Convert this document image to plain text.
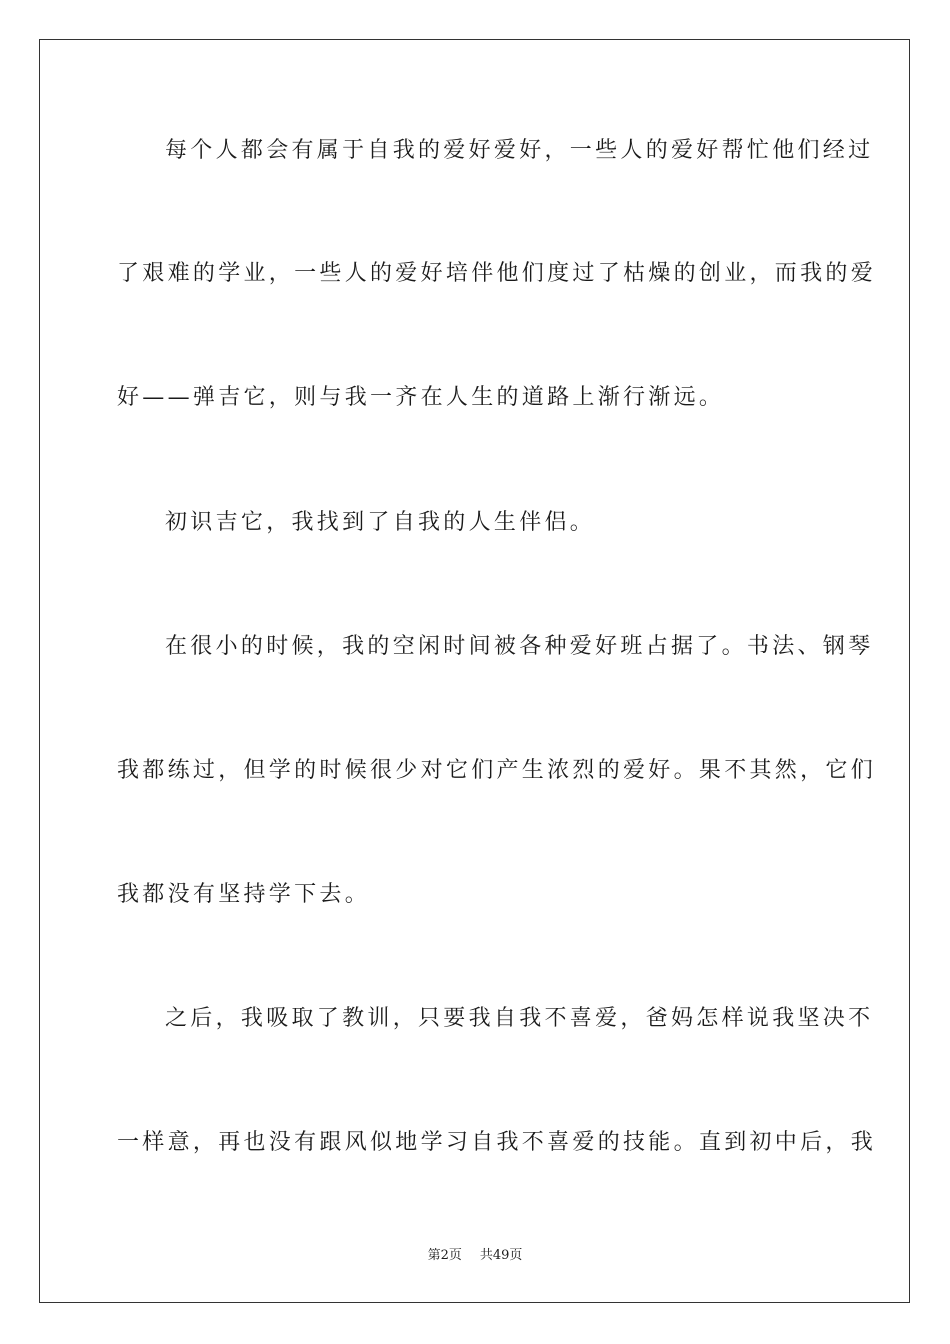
每个人都会有属于自我的爱好爱好，一些人的爱好帮忙他们经过
了艰难的学业，一些人的爱好培伴他们度过了枯燥的创业，而我的爱
好——弹吉它，则与我一齐在人生的道路上渐行渐远。
初识吉它，我找到了自我的人生伴侣。
在很小的时候，我的空闲时间被各种爱好班占据了。书法、钢琴
我都练过，但学的时候很少对它们产生浓烈的爱好。果不其然，它们
我都没有坚持学下去。
之后，我吸取了教训，只要我自我不喜爱，爸妈怎样说我坚决不
一样意，再也没有跟风似地学习自我不喜爱的技能。直到初中后，我
第2页 共49页
